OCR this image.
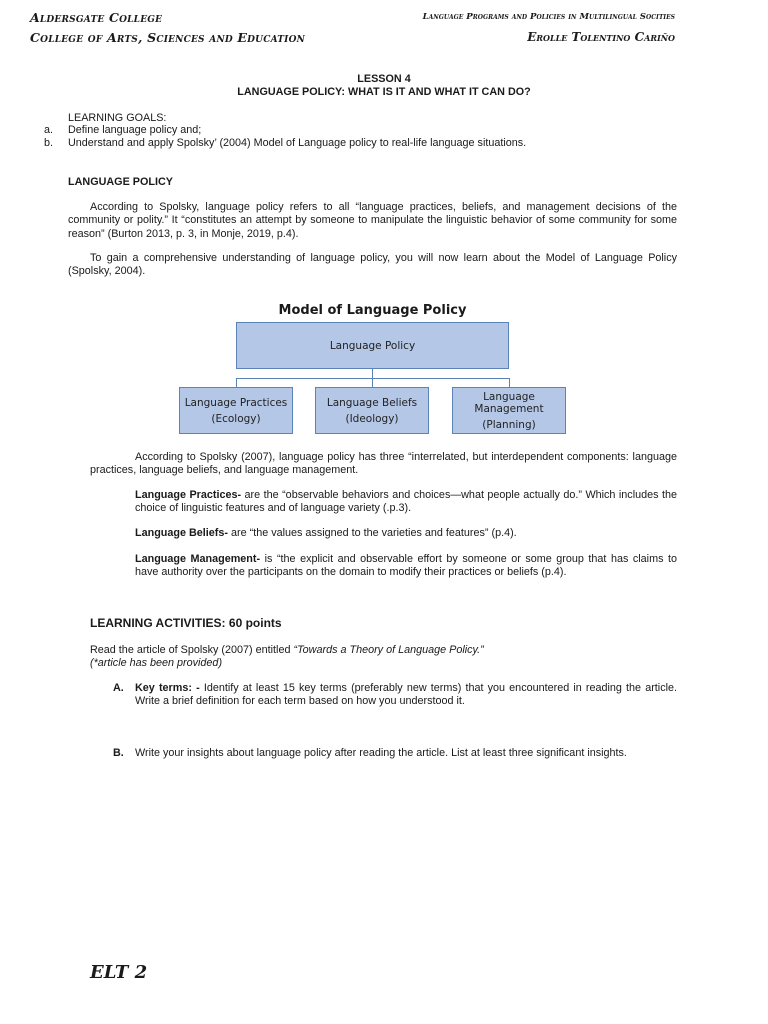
Aldersgate College
College of Arts, Sciences and Education
Language Programs and Policies in Multilingual Socities
Erolle Tolentino Cariño
LESSON 4
LANGUAGE POLICY: WHAT IS IT AND WHAT IT CAN DO?
LEARNING GOALS:
a. Define language policy and;
b. Understand and apply Spolsky’ (2004) Model of Language policy to real-life language situations.
LANGUAGE POLICY
According to Spolsky, language policy refers to all “language practices, beliefs, and management decisions of the community or polity.” It “constitutes an attempt by someone to manipulate the linguistic behavior of some community for some reason” (Burton 2013, p. 3, in Monje, 2019, p.4).
To gain a comprehensive understanding of language policy, you will now learn about the Model of Language Policy (Spolsky, 2004).
Model of Language Policy
Language Policy
Language Practices
(Ecology)
Language Beliefs
(Ideology)
Language Management
(Planning)
According to Spolsky (2007), language policy has three “interrelated, but interdependent components: language practices, language beliefs, and language management.
Language Practices- are the “observable behaviors and choices—what people actually do.” Which includes the choice of linguistic features and of language variety (.p.3).
Language Beliefs- are “the values assigned to the varieties and features” (p.4).
Language Management- is “the explicit and observable effort by someone or some group that has claims to have authority over the participants on the domain to modify their practices or beliefs (p.4).
LEARNING ACTIVITIES: 60 points
Read the article of Spolsky (2007) entitled “Towards a Theory of Language Policy.”
(*article has been provided)
A. Key terms: - Identify at least 15 key terms (preferably new terms) that you encountered in reading the article. Write a brief definition for each term based on how you understood it.
B. Write your insights about language policy after reading the article. List at least three significant insights.
ELT 2
